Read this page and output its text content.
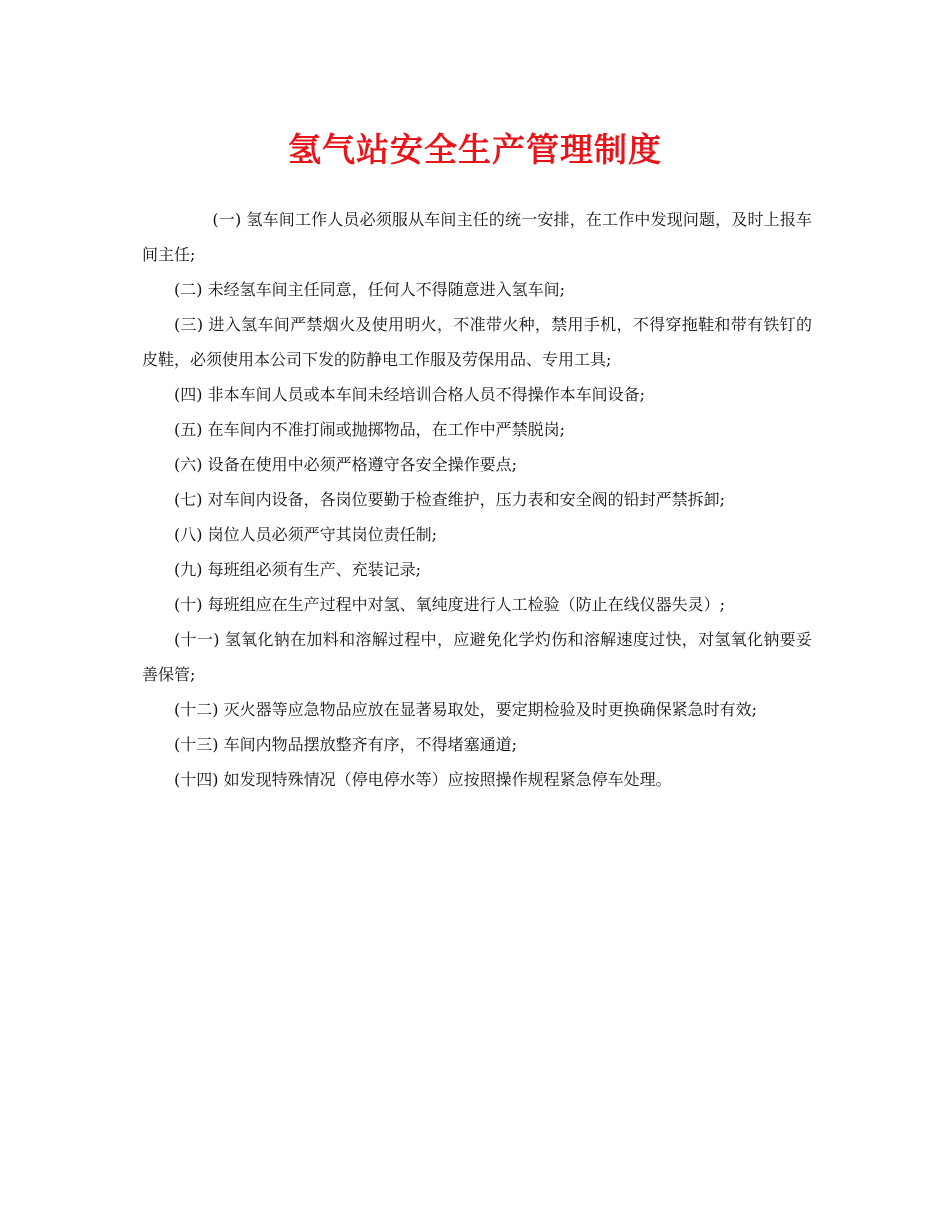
氢气站安全生产管理制度

(一) 氢车间工作人员必须服从车间主任的统一安排，在工作中发现问题，及时上报车间主任;

(二) 未经氢车间主任同意，任何人不得随意进入氢车间;

(三) 进入氢车间严禁烟火及使用明火，不准带火种，禁用手机，不得穿拖鞋和带有铁钉的皮鞋，必须使用本公司下发的防静电工作服及劳保用品、专用工具;

(四) 非本车间人员或本车间未经培训合格人员不得操作本车间设备;

(五) 在车间内不准打闹或抛掷物品，在工作中严禁脱岗;

(六) 设备在使用中必须严格遵守各安全操作要点;

(七) 对车间内设备，各岗位要勤于检查维护，压力表和安全阀的铅封严禁拆卸;

(八) 岗位人员必须严守其岗位责任制;

(九) 每班组必须有生产、充装记录;

(十) 每班组应在生产过程中对氢、氧纯度进行人工检验（防止在线仪器失灵）;

(十一) 氢氧化钠在加料和溶解过程中，应避免化学灼伤和溶解速度过快，对氢氧化钠要妥善保管;

(十二) 灭火器等应急物品应放在显著易取处，要定期检验及时更换确保紧急时有效;

(十三) 车间内物品摆放整齐有序，不得堵塞通道;

(十四) 如发现特殊情况（停电停水等）应按照操作规程紧急停车处理。
